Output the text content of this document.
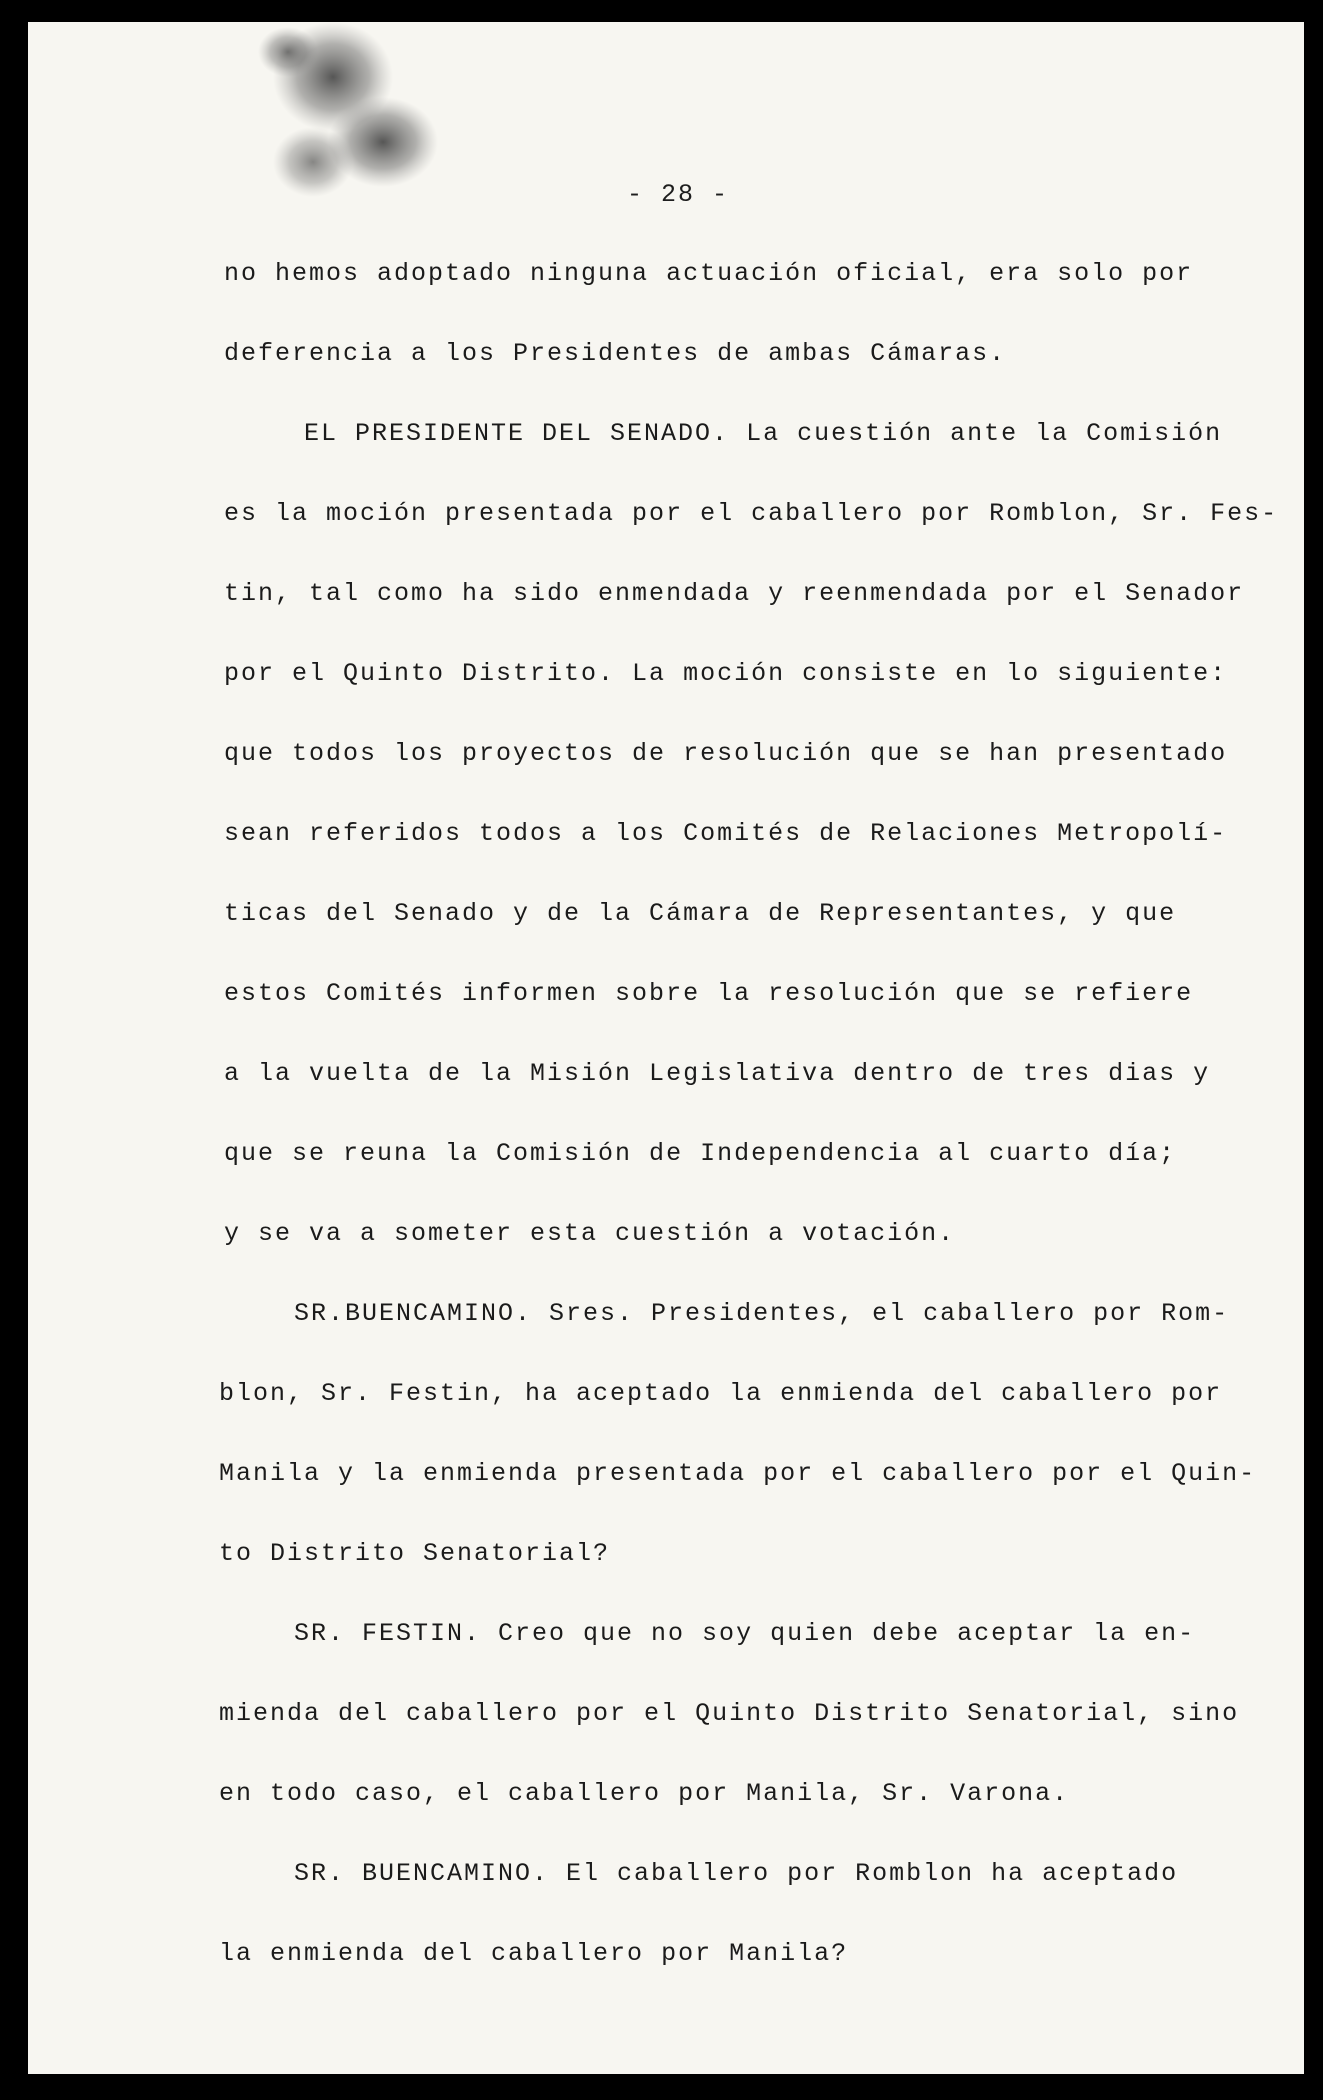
- 28 -
no hemos adoptado ninguna actuación oficial, era solo por
deferencia a los Presidentes de ambas Cámaras.
EL PRESIDENTE DEL SENADO. La cuestión ante la Comisión
es la moción presentada por el caballero por Romblon, Sr. Fes-
tin, tal como ha sido enmendada y reenmendada por el Senador
por el Quinto Distrito. La moción consiste en lo siguiente:
que todos los proyectos de resolución que se han presentado
sean referidos todos a los Comités de Relaciones Metropolí-
ticas del Senado y de la Cámara de Representantes, y que
estos Comités informen sobre la resolución que se refiere
a la vuelta de la Misión Legislativa dentro de tres dias y
que se reuna la Comisión de Independencia al cuarto día;
y se va a someter esta cuestión a votación.
SR.BUENCAMINO. Sres. Presidentes, el caballero por Rom-
blon, Sr. Festin, ha aceptado la enmienda del caballero por
Manila y la enmienda presentada por el caballero por el Quin-
to Distrito Senatorial?
SR. FESTIN. Creo que no soy quien debe aceptar la en-
mienda del caballero por el Quinto Distrito Senatorial, sino
en todo caso, el caballero por Manila, Sr. Varona.
SR. BUENCAMINO. El caballero por Romblon ha aceptado
la enmienda del caballero por Manila?
